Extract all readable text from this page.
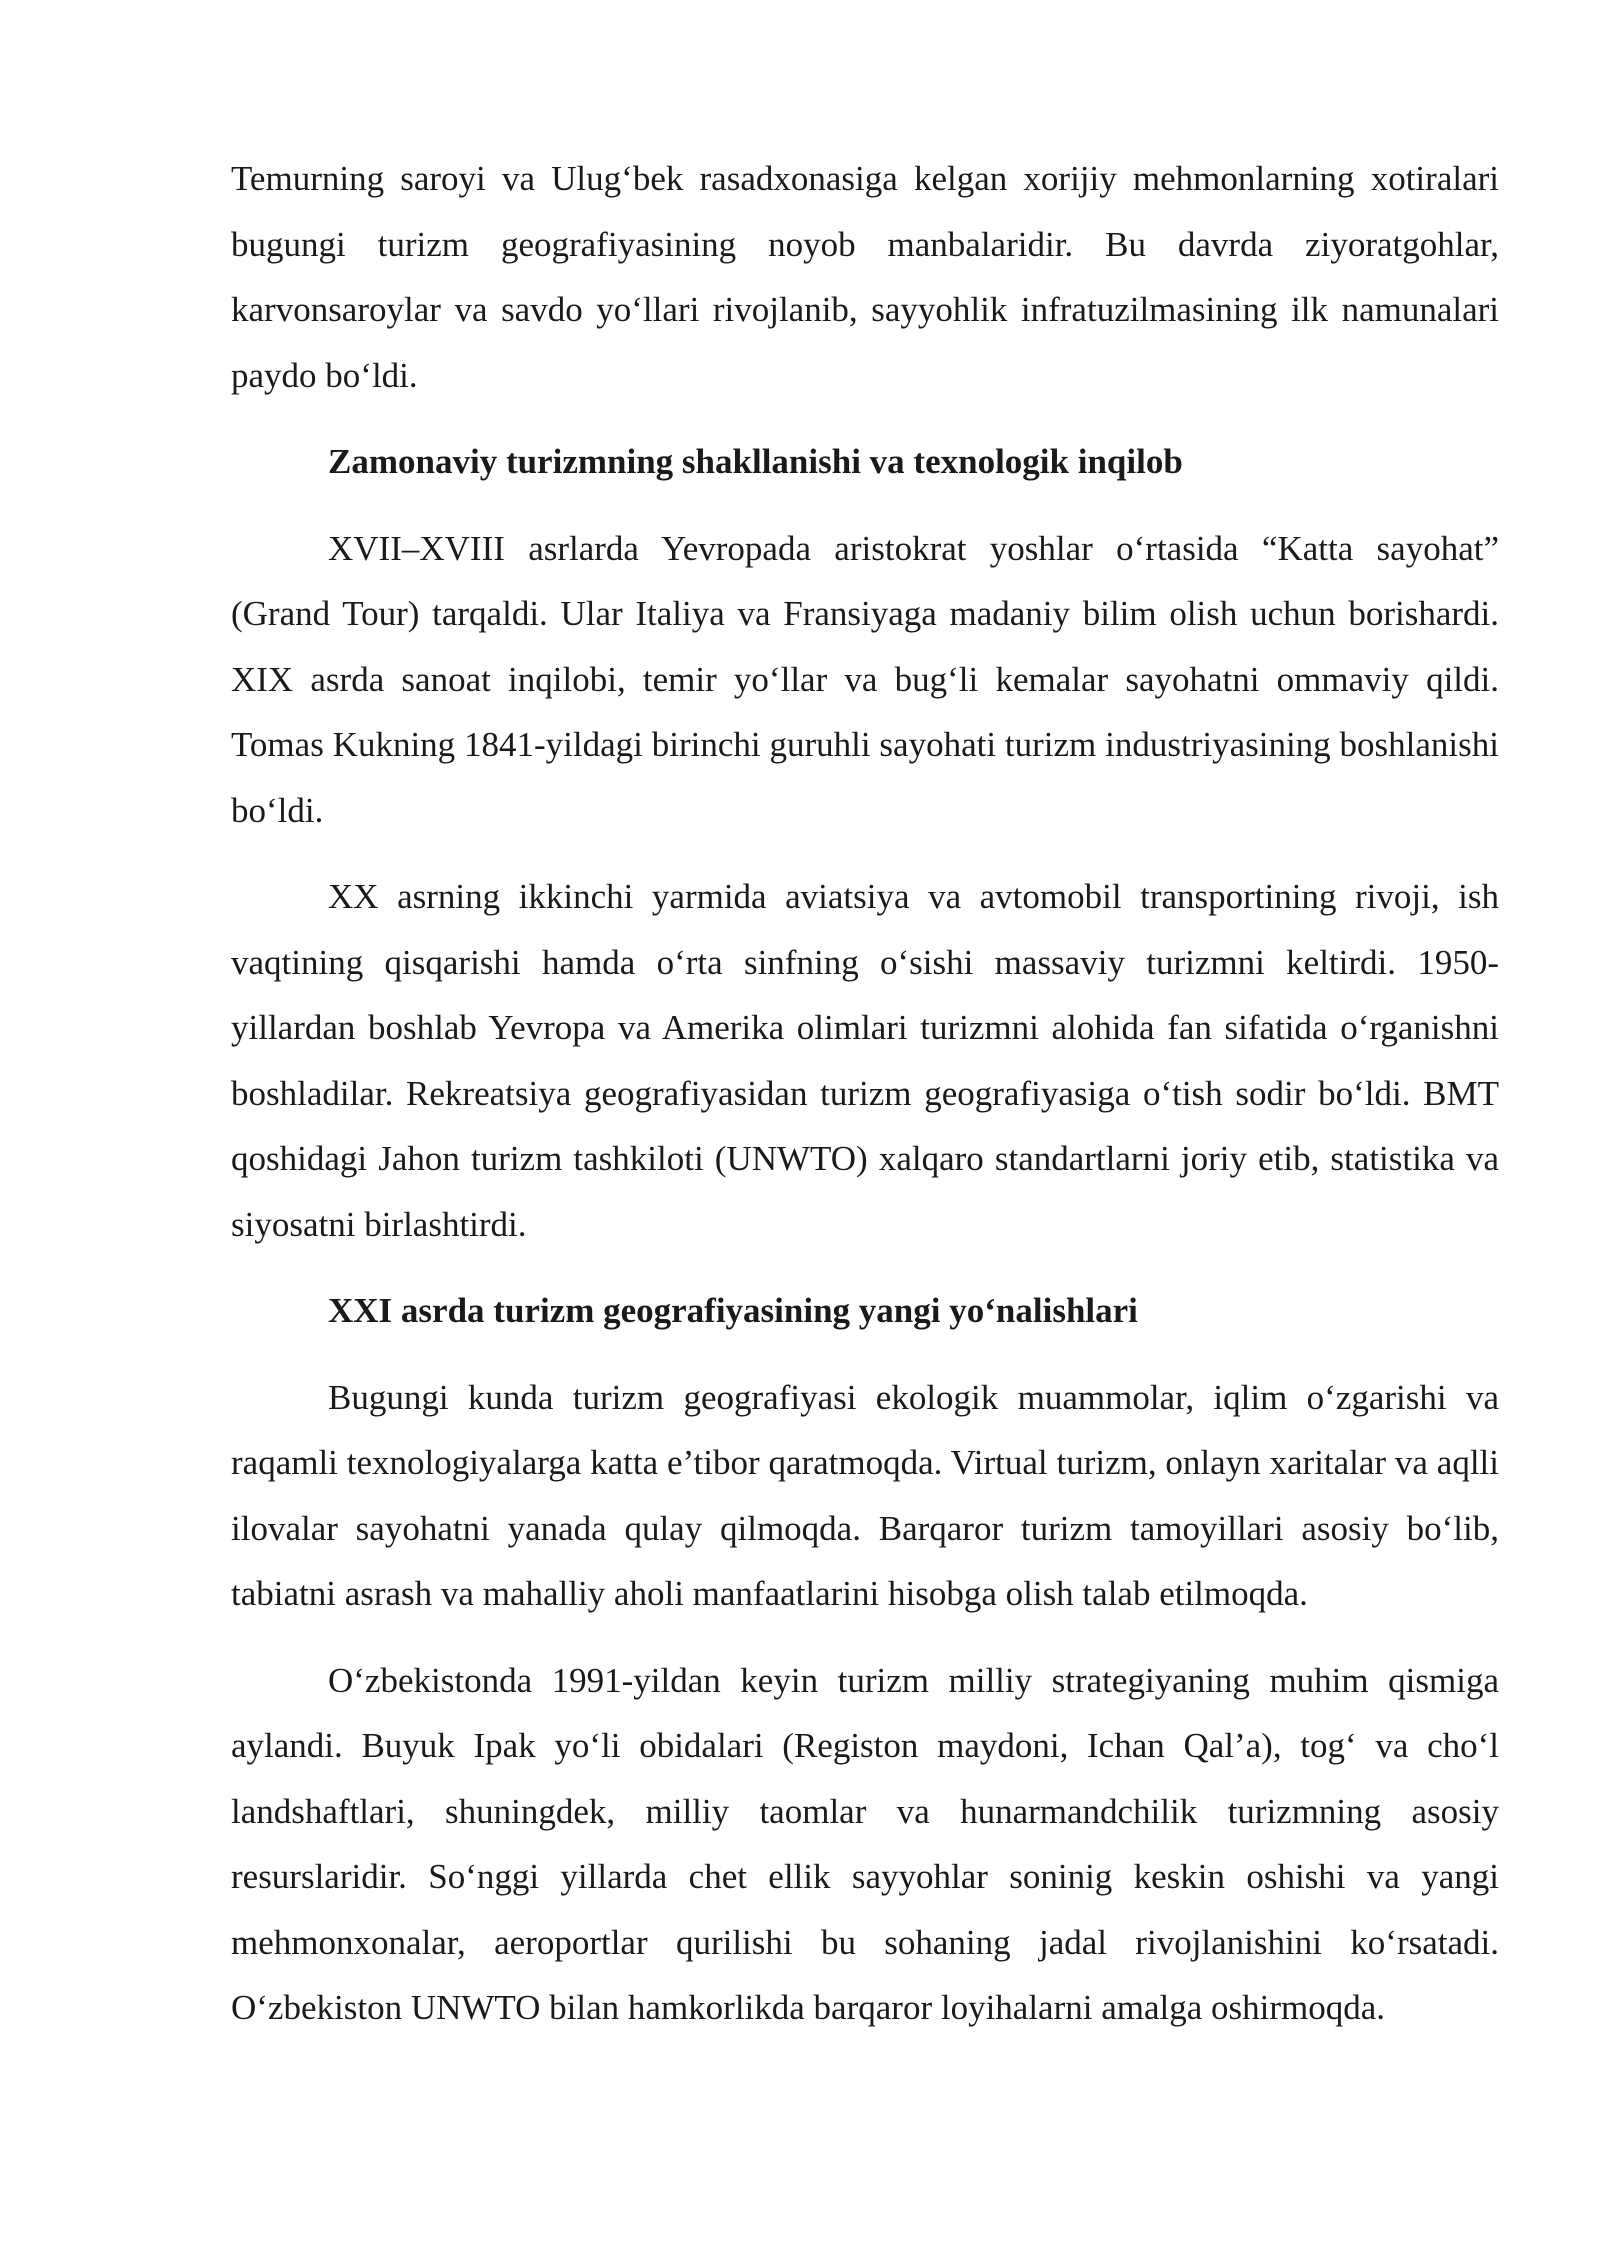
Temurning saroyi va Ulug‘bek rasadxonasiga kelgan xorijiy mehmonlarning xotiralari bugungi turizm geografiyasining noyob manbalaridir. Bu davrda ziyoratgohlar, karvonsaroylar va savdo yo‘llari rivojlanib, sayyohlik infratuzilmasining ilk namunalari paydo bo‘ldi.

Zamonaviy turizmning shakllanishi va texnologik inqilob

XVII–XVIII asrlarda Yevropada aristokrat yoshlar o‘rtasida “Katta sayohat” (Grand Tour) tarqaldi. Ular Italiya va Fransiyaga madaniy bilim olish uchun borishardi. XIX asrda sanoat inqilobi, temir yo‘llar va bug‘li kemalar sayohatni ommaviy qildi. Tomas Kukning 1841-yildagi birinchi guruhli sayohati turizm industriyasining boshlanishi bo‘ldi.

XX asrning ikkinchi yarmida aviatsiya va avtomobil transportining rivoji, ish vaqtining qisqarishi hamda o‘rta sinfning o‘sishi massaviy turizmni keltirdi. 1950-yillardan boshlab Yevropa va Amerika olimlari turizmni alohida fan sifatida o‘rganishni boshladilar. Rekreatsiya geografiyasidan turizm geografiyasiga o‘tish sodir bo‘ldi. BMT qoshidagi Jahon turizm tashkiloti (UNWTO) xalqaro standartlarni joriy etib, statistika va siyosatni birlashtirdi.

XXI asrda turizm geografiyasining yangi yo‘nalishlari

Bugungi kunda turizm geografiyasi ekologik muammolar, iqlim o‘zgarishi va raqamli texnologiyalarga katta e’tibor qaratmoqda. Virtual turizm, onlayn xaritalar va aqlli ilovalar sayohatni yanada qulay qilmoqda. Barqaror turizm tamoyillari asosiy bo‘lib, tabiatni asrash va mahalliy aholi manfaatlarini hisobga olish talab etilmoqda.

O‘zbekistonda 1991-yildan keyin turizm milliy strategiyaning muhim qismiga aylandi. Buyuk Ipak yo‘li obidalari (Registon maydoni, Ichan Qal’a), tog‘ va cho‘l landshaftlari, shuningdek, milliy taomlar va hunarmandchilik turizmning asosiy resurslaridir. So‘nggi yillarda chet ellik sayyohlar soninig keskin oshishi va yangi mehmonxonalar, aeroportlar qurilishi bu sohaning jadal rivojlanishini ko‘rsatadi. O‘zbekiston UNWTO bilan hamkorlikda barqaror loyihalarni amalga oshirmoqda.
